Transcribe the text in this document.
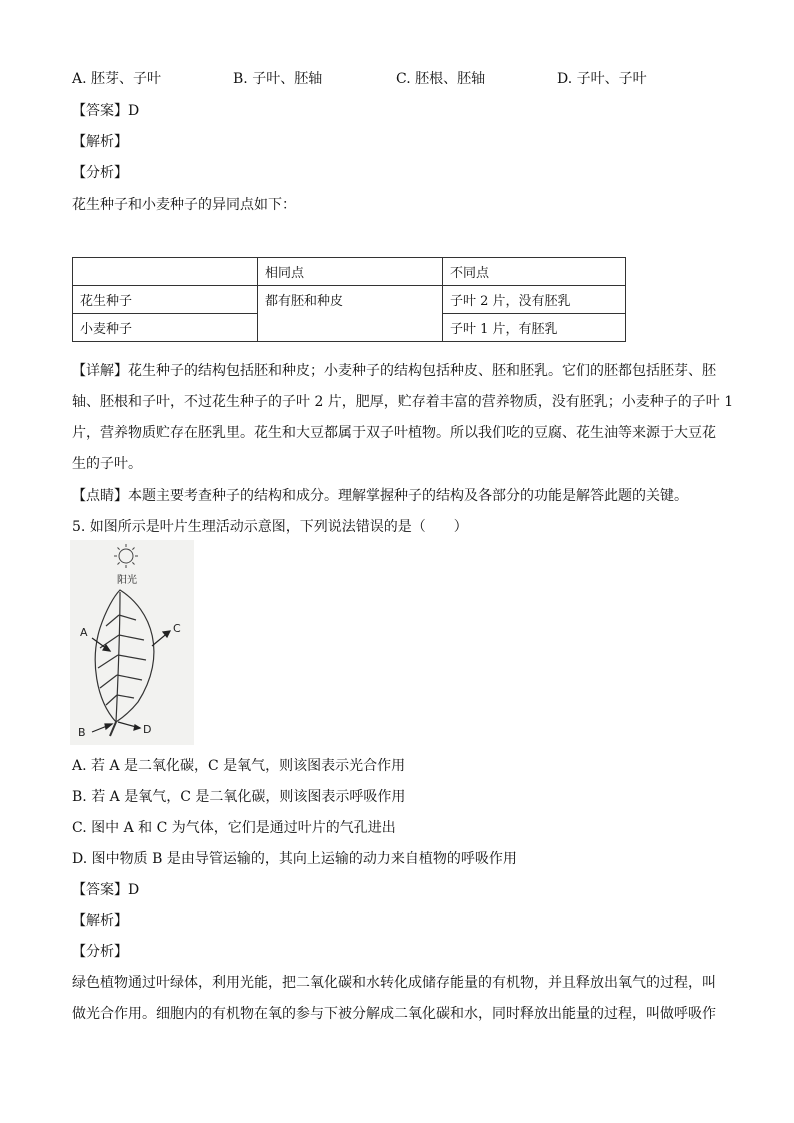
A. 胚芽、子叶	B. 子叶、胚轴	C. 胚根、胚轴	D. 子叶、子叶
【答案】D
【解析】
【分析】
花生种子和小麦种子的异同点如下：
	相同点	不同点
花生种子	都有胚和种皮	子叶 2 片，没有胚乳
小麦种子		子叶 1 片，有胚乳
【详解】花生种子的结构包括胚和种皮；小麦种子的结构包括种皮、胚和胚乳。它们的胚都包括胚芽、胚
轴、胚根和子叶，不过花生种子的子叶 2 片，肥厚，贮存着丰富的营养物质，没有胚乳；小麦种子的子叶 1
片，营养物质贮存在胚乳里。花生和大豆都属于双子叶植物。所以我们吃的豆腐、花生油等来源于大豆花
生的子叶。
【点睛】本题主要考查种子的结构和成分。理解掌握种子的结构及各部分的功能是解答此题的关键。
5. 如图所示是叶片生理活动示意图，下列说法错误的是（　　）
阳光
A
B
C
D
A. 若 A 是二氧化碳，C 是氧气，则该图表示光合作用
B. 若 A 是氧气，C 是二氧化碳，则该图表示呼吸作用
C. 图中 A 和 C 为气体，它们是通过叶片的气孔进出
D. 图中物质 B 是由导管运输的，其向上运输的动力来自植物的呼吸作用
【答案】D
【解析】
【分析】
绿色植物通过叶绿体，利用光能，把二氧化碳和水转化成储存能量的有机物，并且释放出氧气的过程，叫
做光合作用。细胞内的有机物在氧的参与下被分解成二氧化碳和水，同时释放出能量的过程，叫做呼吸作
